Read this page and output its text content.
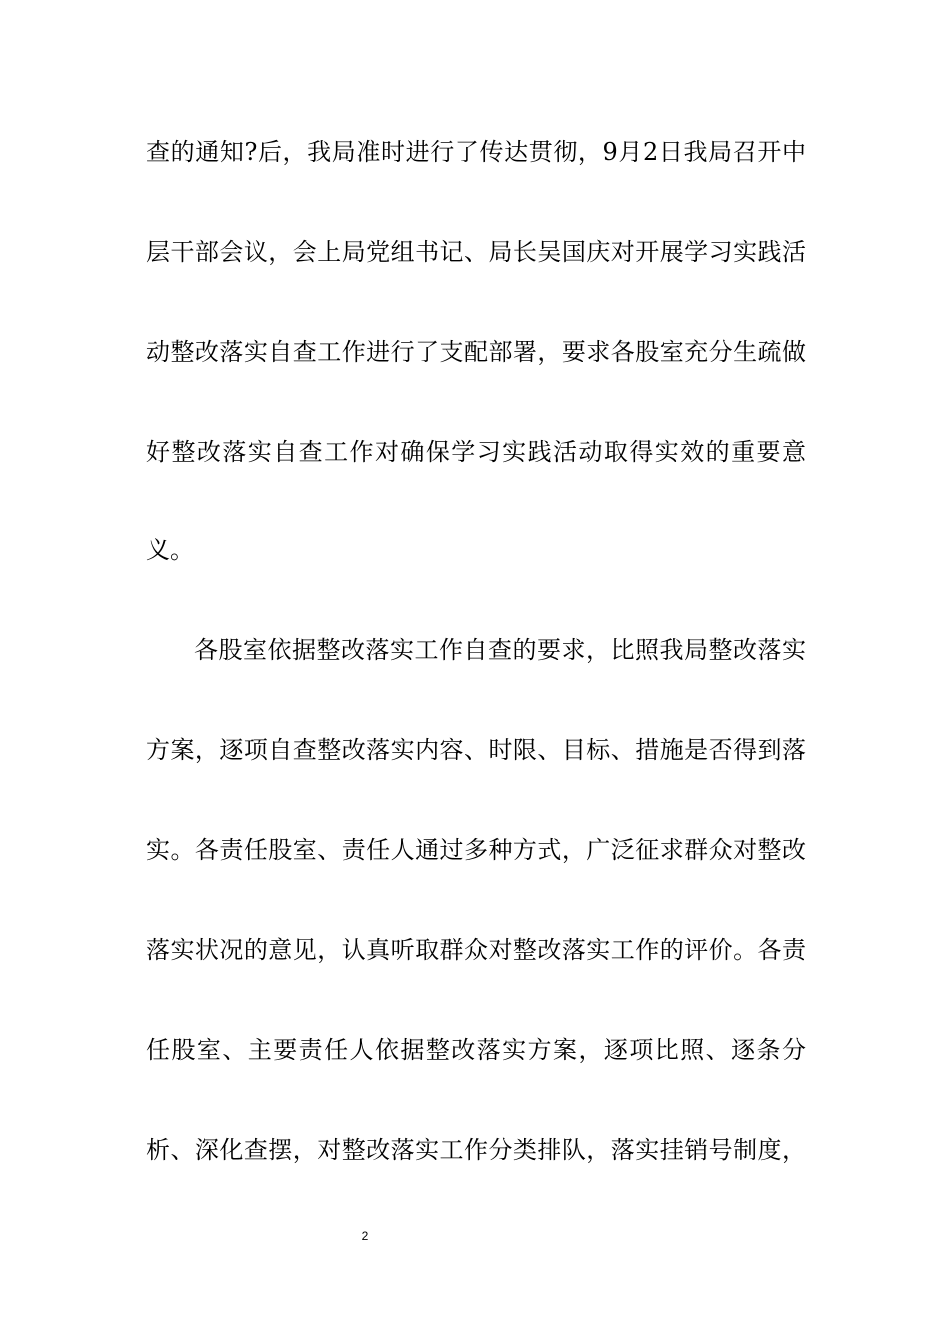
查的通知?后，我局准时进行了传达贯彻，9月2日我局召开中
层干部会议，会上局党组书记、局长吴国庆对开展学习实践活
动整改落实自查工作进行了支配部署，要求各股室充分生疏做
好整改落实自查工作对确保学习实践活动取得实效的重要意
义。
各股室依据整改落实工作自查的要求，比照我局整改落实
方案，逐项自查整改落实内容、时限、目标、措施是否得到落
实。各责任股室、责任人通过多种方式，广泛征求群众对整改
落实状况的意见，认真听取群众对整改落实工作的评价。各责
任股室、主要责任人依据整改落实方案，逐项比照、逐条分
析、深化查摆，对整改落实工作分类排队，落实挂销号制度，
2
